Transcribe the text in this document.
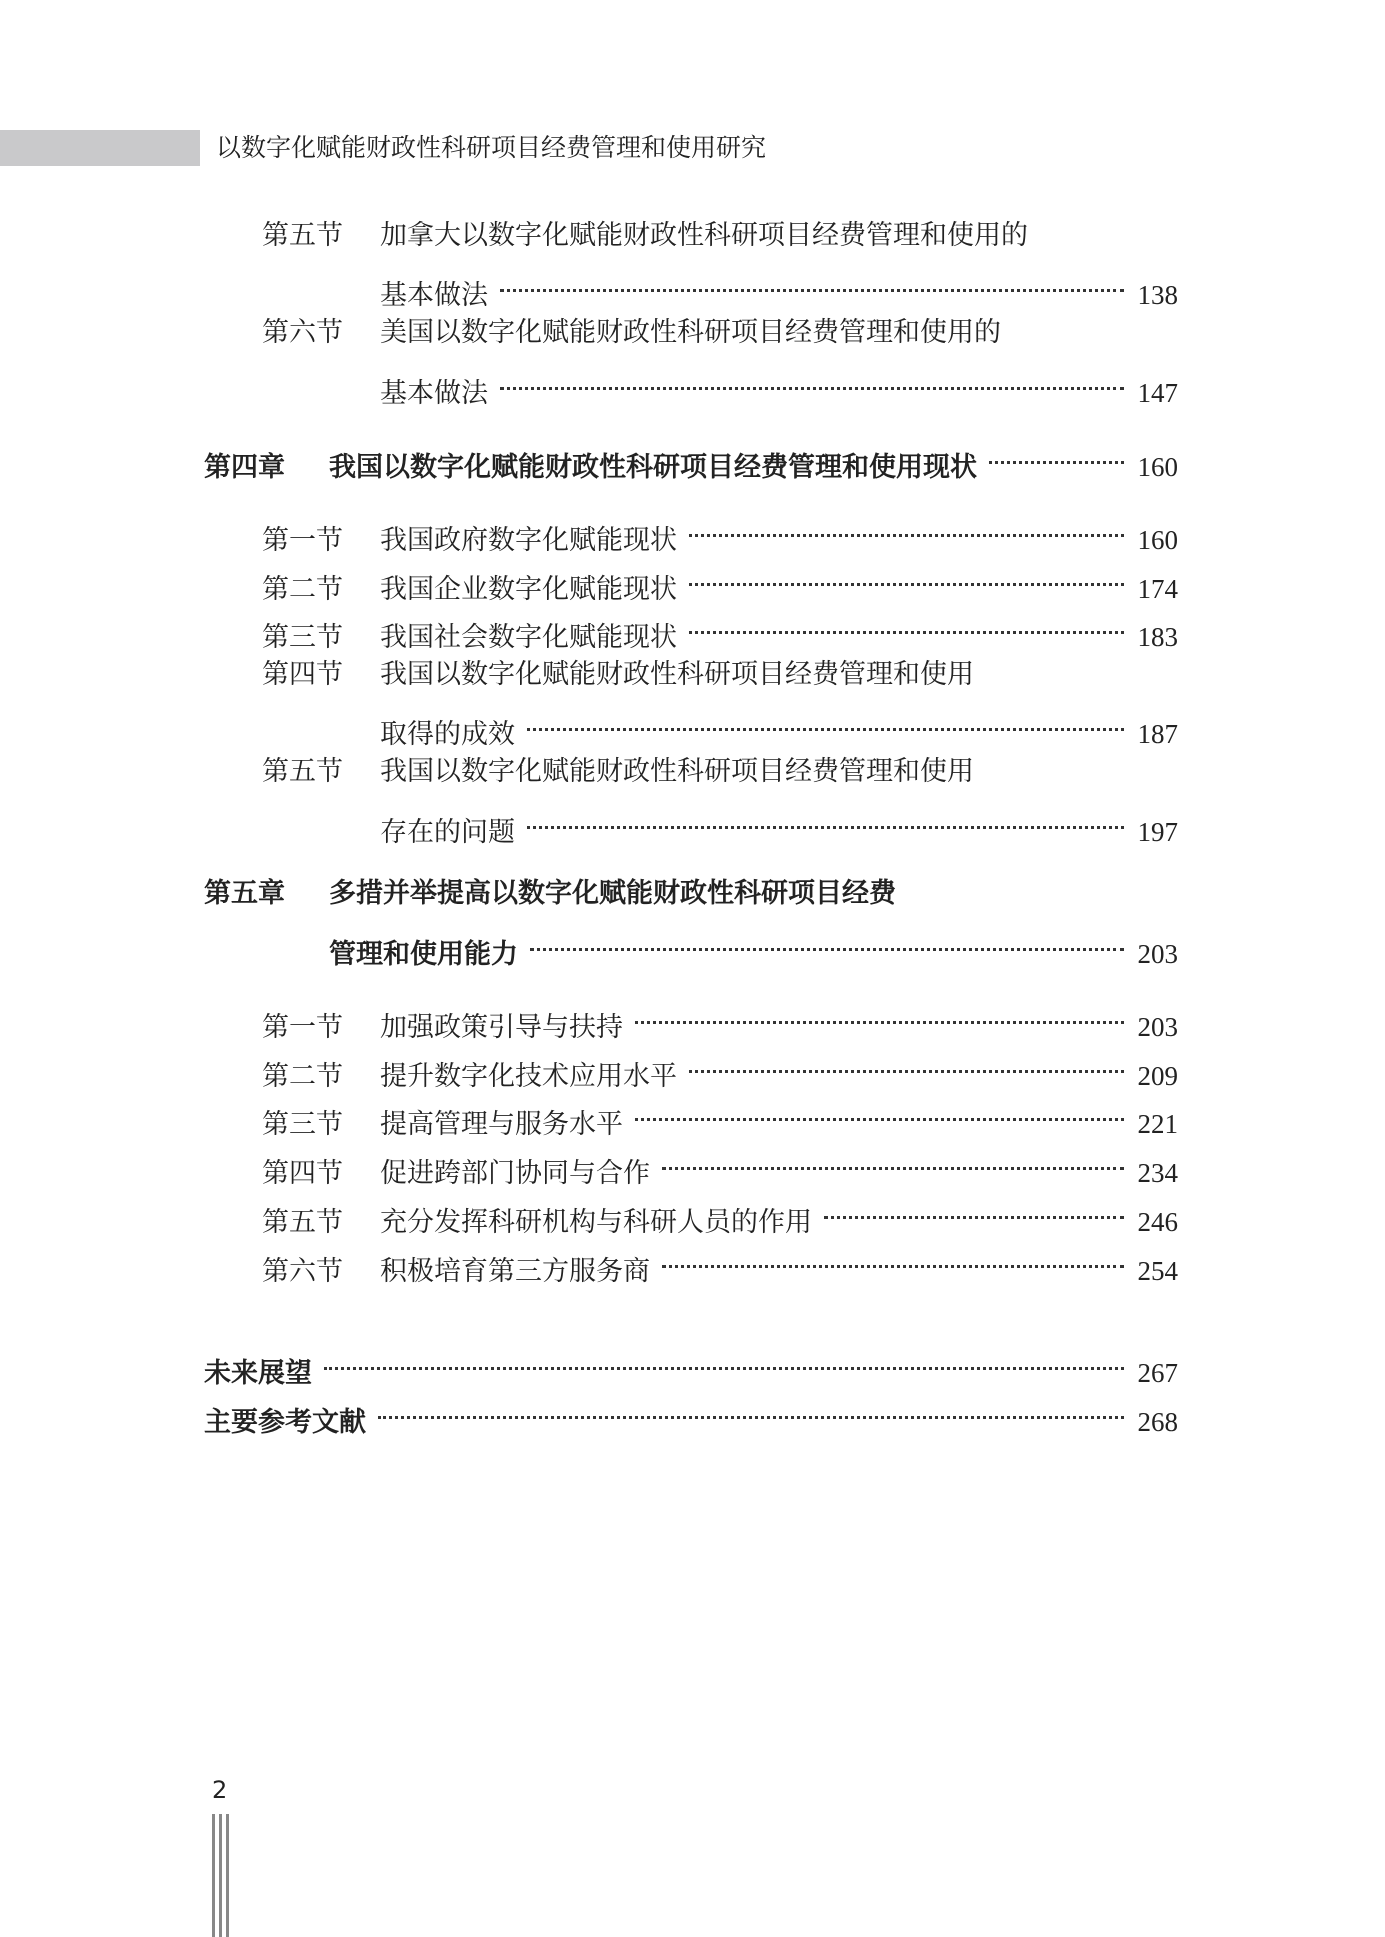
以数字化赋能财政性科研项目经费管理和使用研究
第五节	加拿大以数字化赋能财政性科研项目经费管理和使用的
基本做法	138
第六节	美国以数字化赋能财政性科研项目经费管理和使用的
基本做法	147
第四章	我国以数字化赋能财政性科研项目经费管理和使用现状	160
第一节	我国政府数字化赋能现状	160
第二节	我国企业数字化赋能现状	174
第三节	我国社会数字化赋能现状	183
第四节	我国以数字化赋能财政性科研项目经费管理和使用
取得的成效	187
第五节	我国以数字化赋能财政性科研项目经费管理和使用
存在的问题	197
第五章	多措并举提高以数字化赋能财政性科研项目经费
管理和使用能力	203
第一节	加强政策引导与扶持	203
第二节	提升数字化技术应用水平	209
第三节	提高管理与服务水平	221
第四节	促进跨部门协同与合作	234
第五节	充分发挥科研机构与科研人员的作用	246
第六节	积极培育第三方服务商	254
未来展望	267
主要参考文献	268
2
